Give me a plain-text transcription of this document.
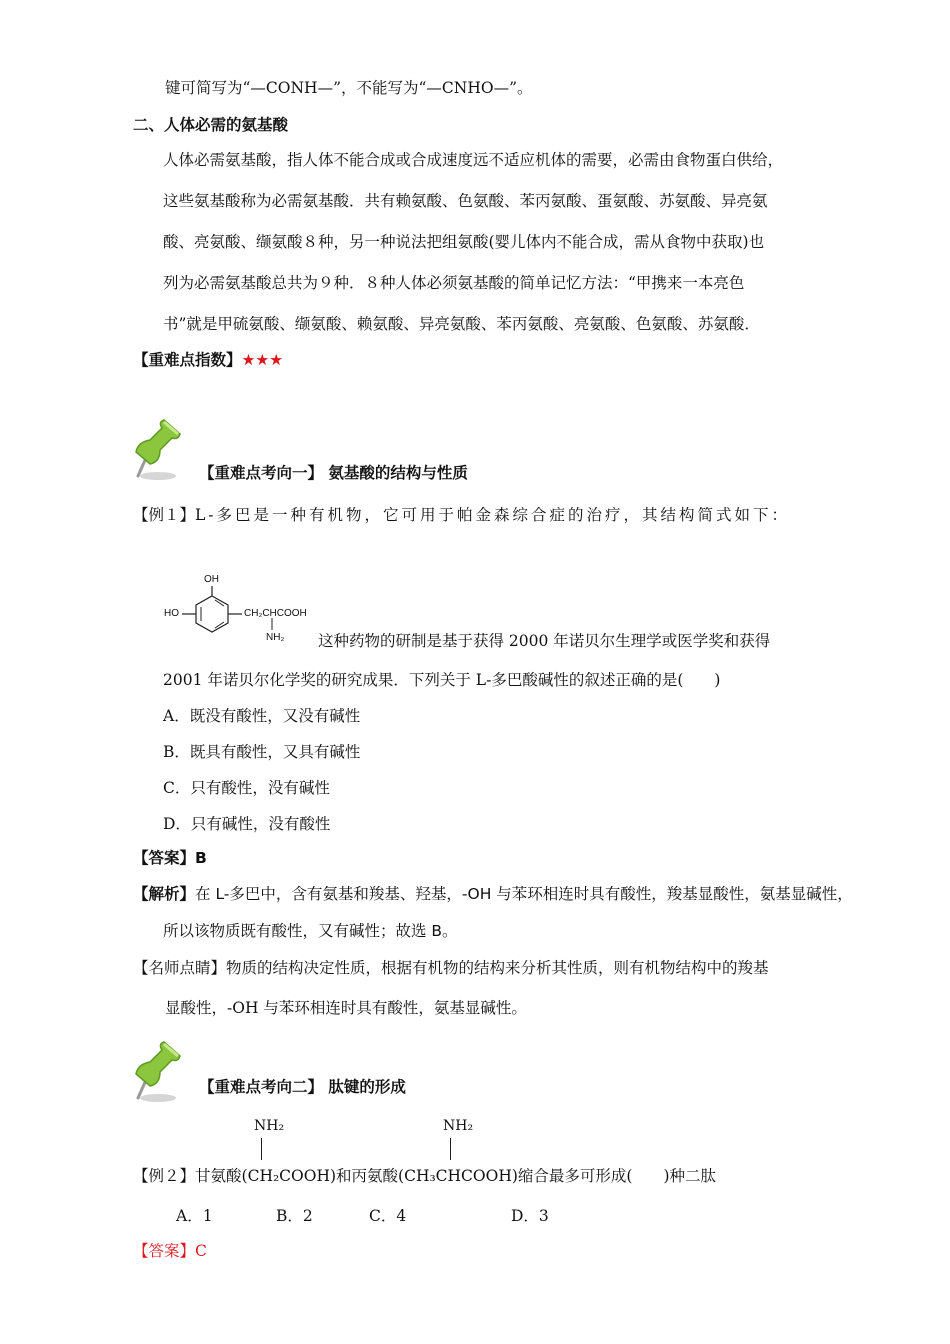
键可简写为“—CONH—”，不能写为“—CNHO—”。
二、人体必需的氨基酸
人体必需氨基酸，指人体不能合成或合成速度远不适应机体的需要，必需由食物蛋白供给，
这些氨基酸称为必需氨基酸．共有赖氨酸、色氨酸、苯丙氨酸、蛋氨酸、苏氨酸、异亮氨
酸、亮氨酸、缬氨酸８种，另一种说法把组氨酸(婴儿体内不能合成，需从食物中获取)也
列为必需氨基酸总共为９种．８种人体必须氨基酸的简单记忆方法：“甲携来一本亮色
书”就是甲硫氨酸、缬氨酸、赖氨酸、异亮氨酸、苯丙氨酸、亮氨酸、色氨酸、苏氨酸．
【重难点指数】★★★
【重难点考向一】 氨基酸的结构与性质
【例１】L-多巴是一种有机物，它可用于帕金森综合症的治疗，其结构简式如下：
OH
HO	CH₂CHCOOH
NH₂ 这种药物的研制是基于获得 2000 年诺贝尔生理学或医学奖和获得
2001 年诺贝尔化学奖的研究成果．下列关于 L-多巴酸碱性的叙述正确的是(　　)
A．既没有酸性，又没有碱性
B．既具有酸性，又具有碱性
C．只有酸性，没有碱性
D．只有碱性，没有酸性
【答案】B
【解析】在 L-多巴中，含有氨基和羧基、羟基，-OH 与苯环相连时具有酸性，羧基显酸性，氨基显碱性，
所以该物质既有酸性，又有碱性；故选 B。
【名师点睛】物质的结构决定性质，根据有机物的结构来分析其性质，则有机物结构中的羧基
显酸性，-OH 与苯环相连时具有酸性，氨基显碱性。
【重难点考向二】 肽键的形成
NH₂	NH₂
【例２】甘氨酸(CH₂COOH)和丙氨酸(CH₃CHCOOH)缩合最多可形成(　　)种二肽
A．1	B．2	C．4	D．3
【答案】C
